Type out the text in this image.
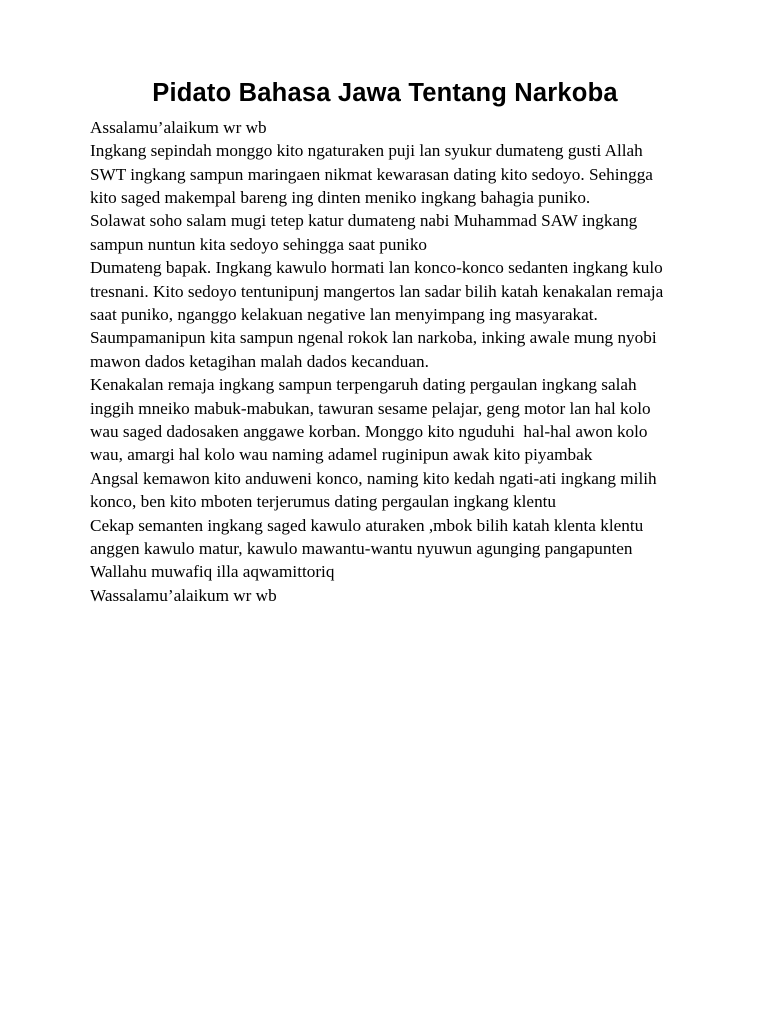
Pidato Bahasa Jawa Tentang Narkoba

Assalamu’alaikum wr wb

Ingkang sepindah monggo kito ngaturaken puji lan syukur dumateng gusti Allah SWT ingkang sampun maringaen nikmat kewarasan dating kito sedoyo. Sehingga kito saged makempal bareng ing dinten meniko ingkang bahagia puniko.

Solawat soho salam mugi tetep katur dumateng nabi Muhammad SAW ingkang sampun nuntun kita sedoyo sehingga saat puniko

Dumateng bapak. Ingkang kawulo hormati lan konco-konco sedanten ingkang kulo tresnani. Kito sedoyo tentunipunj mangertos lan sadar bilih katah kenakalan remaja saat puniko, nganggo kelakuan negative lan menyimpang ing masyarakat.

Saumpamanipun kita sampun ngenal rokok lan narkoba, inking awale mung nyobi mawon dados ketagihan malah dados kecanduan.

Kenakalan remaja ingkang sampun terpengaruh dating pergaulan ingkang salah inggih mneiko mabuk-mabukan, tawuran sesame pelajar, geng motor lan hal kolo wau saged dadosaken anggawe korban. Monggo kito nguduhi  hal-hal awon kolo wau, amargi hal kolo wau naming adamel ruginipun awak kito piyambak

Angsal kemawon kito anduweni konco, naming kito kedah ngati-ati ingkang milih konco, ben kito mboten terjerumus dating pergaulan ingkang klentu

Cekap semanten ingkang saged kawulo aturaken ,mbok bilih katah klenta klentu anggen kawulo matur, kawulo mawantu-wantu nyuwun agunging pangapunten

Wallahu muwafiq illa aqwamittoriq

Wassalamu’alaikum wr wb
